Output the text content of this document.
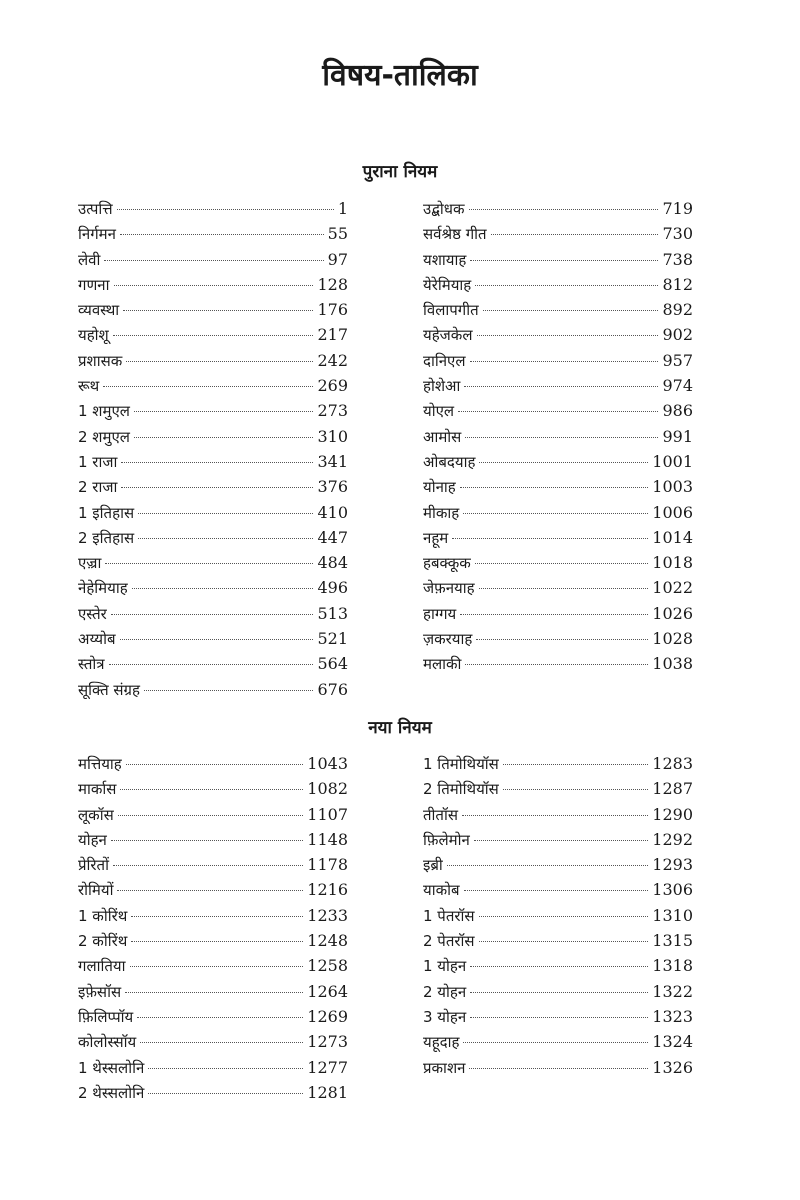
विषय-तालिका
पुराना नियम
उत्पत्ति	1
निर्गमन	55
लेवी	97
गणना	128
व्यवस्था	176
यहोशू	217
प्रशासक	242
रूथ	269
1 शमुएल	273
2 शमुएल	310
1 राजा	341
2 राजा	376
1 इतिहास	410
2 इतिहास	447
एज़्रा	484
नेहेमियाह	496
एस्तेर	513
अय्योब	521
स्तोत्र	564
सूक्ति संग्रह	676
उद्बोधक	719
सर्वश्रेष्ठ गीत	730
यशायाह	738
येरेमियाह	812
विलापगीत	892
यहेजकेल	902
दानिएल	957
होशेआ	974
योएल	986
आमोस	991
ओबदयाह	1001
योनाह	1003
मीकाह	1006
नहूम	1014
हबक्कूक	1018
जेफ़नयाह	1022
हाग्गय	1026
ज़करयाह	1028
मलाकी	1038
नया नियम
मत्तियाह	1043
मार्कास	1082
लूकॉस	1107
योहन	1148
प्रेरितों	1178
रोमियों	1216
1 कोरिंथ	1233
2 कोरिंथ	1248
गलातिया	1258
इफ़ेसॉस	1264
फ़िलिप्पॉय	1269
कोलोस्सॉय	1273
1 थेस्सलोनि	1277
2 थेस्सलोनि	1281
1 तिमोथियॉस	1283
2 तिमोथियॉस	1287
तीतॉस	1290
फ़िलेमोन	1292
इब्री	1293
याकोब	1306
1 पेतरॉस	1310
2 पेतरॉस	1315
1 योहन	1318
2 योहन	1322
3 योहन	1323
यहूदाह	1324
प्रकाशन	1326
